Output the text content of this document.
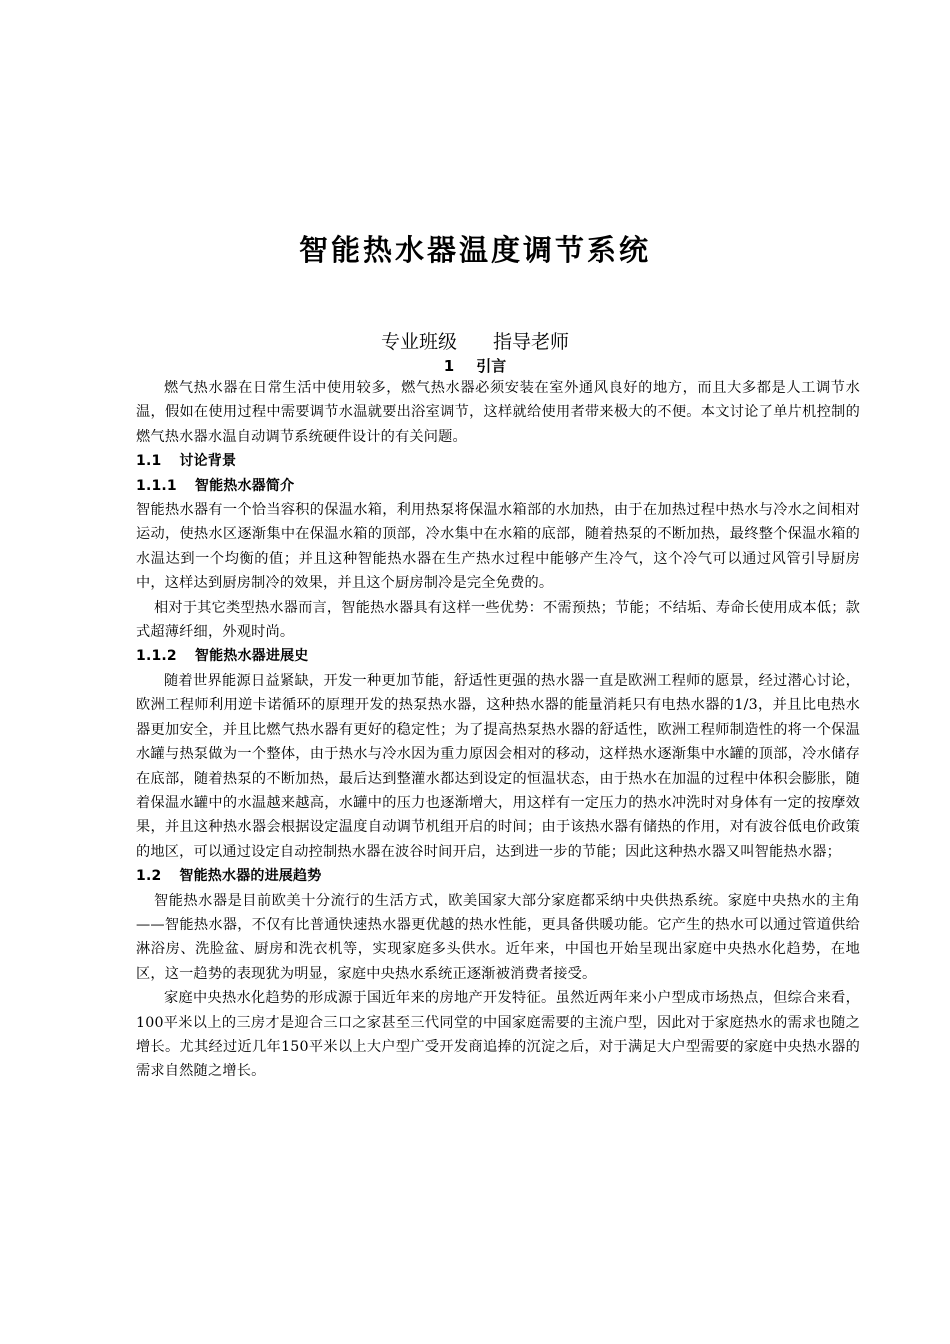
智能热水器温度调节系统
专业班级 指导老师
1 引言

燃气热水器在日常生活中使用较多，燃气热水器必须安装在室外通风良好的地方，而且大多都是人工调节水温，假如在使用过程中需要调节水温就要出浴室调节，这样就给使用者带来极大的不便。本文讨论了单片机控制的燃气热水器水温自动调节系统硬件设计的有关问题。

1.1 讨论背景
1.1.1 智能热水器简介

智能热水器有一个恰当容积的保温水箱，利用热泵将保温水箱部的水加热，由于在加热过程中热水与冷水之间相对运动，使热水区逐渐集中在保温水箱的顶部，冷水集中在水箱的底部，随着热泵的不断加热，最终整个保温水箱的水温达到一个均衡的值；并且这种智能热水器在生产热水过程中能够产生冷气，这个冷气可以通过风管引导厨房中，这样达到厨房制冷的效果，并且这个厨房制冷是完全免费的。

相对于其它类型热水器而言，智能热水器具有这样一些优势：不需预热；节能；不结垢、寿命长使用成本低；款式超薄纤细，外观时尚。

1.1.2 智能热水器进展史

随着世界能源日益紧缺，开发一种更加节能，舒适性更强的热水器一直是欧洲工程师的愿景，经过潜心讨论，欧洲工程师利用逆卡诺循环的原理开发的热泵热水器，这种热水器的能量消耗只有电热水器的1/3，并且比电热水器更加安全，并且比燃气热水器有更好的稳定性；为了提高热泵热水器的舒适性，欧洲工程师制造性的将一个保温水罐与热泵做为一个整体，由于热水与冷水因为重力原因会相对的移动，这样热水逐渐集中水罐的顶部，冷水储存在底部，随着热泵的不断加热，最后达到整灌水都达到设定的恒温状态，由于热水在加温的过程中体积会膨胀，随着保温水罐中的水温越来越高，水罐中的压力也逐渐增大，用这样有一定压力的热水冲洗时对身体有一定的按摩效果，并且这种热水器会根据设定温度自动调节机组开启的时间；由于该热水器有储热的作用，对有波谷低电价政策的地区，可以通过设定自动控制热水器在波谷时间开启，达到进一步的节能；因此这种热水器又叫智能热水器；

1.2 智能热水器的进展趋势

智能热水器是目前欧美十分流行的生活方式，欧美国家大部分家庭都采纳中央供热系统。家庭中央热水的主角——智能热水器，不仅有比普通快速热水器更优越的热水性能，更具备供暖功能。它产生的热水可以通过管道供给淋浴房、洗脸盆、厨房和洗衣机等，实现家庭多头供水。近年来，中国也开始呈现出家庭中央热水化趋势，在地区，这一趋势的表现犹为明显，家庭中央热水系统正逐渐被消费者接受。

家庭中央热水化趋势的形成源于国近年来的房地产开发特征。虽然近两年来小户型成市场热点，但综合来看，100平米以上的三房才是迎合三口之家甚至三代同堂的中国家庭需要的主流户型，因此对于家庭热水的需求也随之增长。尤其经过近几年150平米以上大户型广受开发商追捧的沉淀之后，对于满足大户型需要的家庭中央热水器的需求自然随之增长。
